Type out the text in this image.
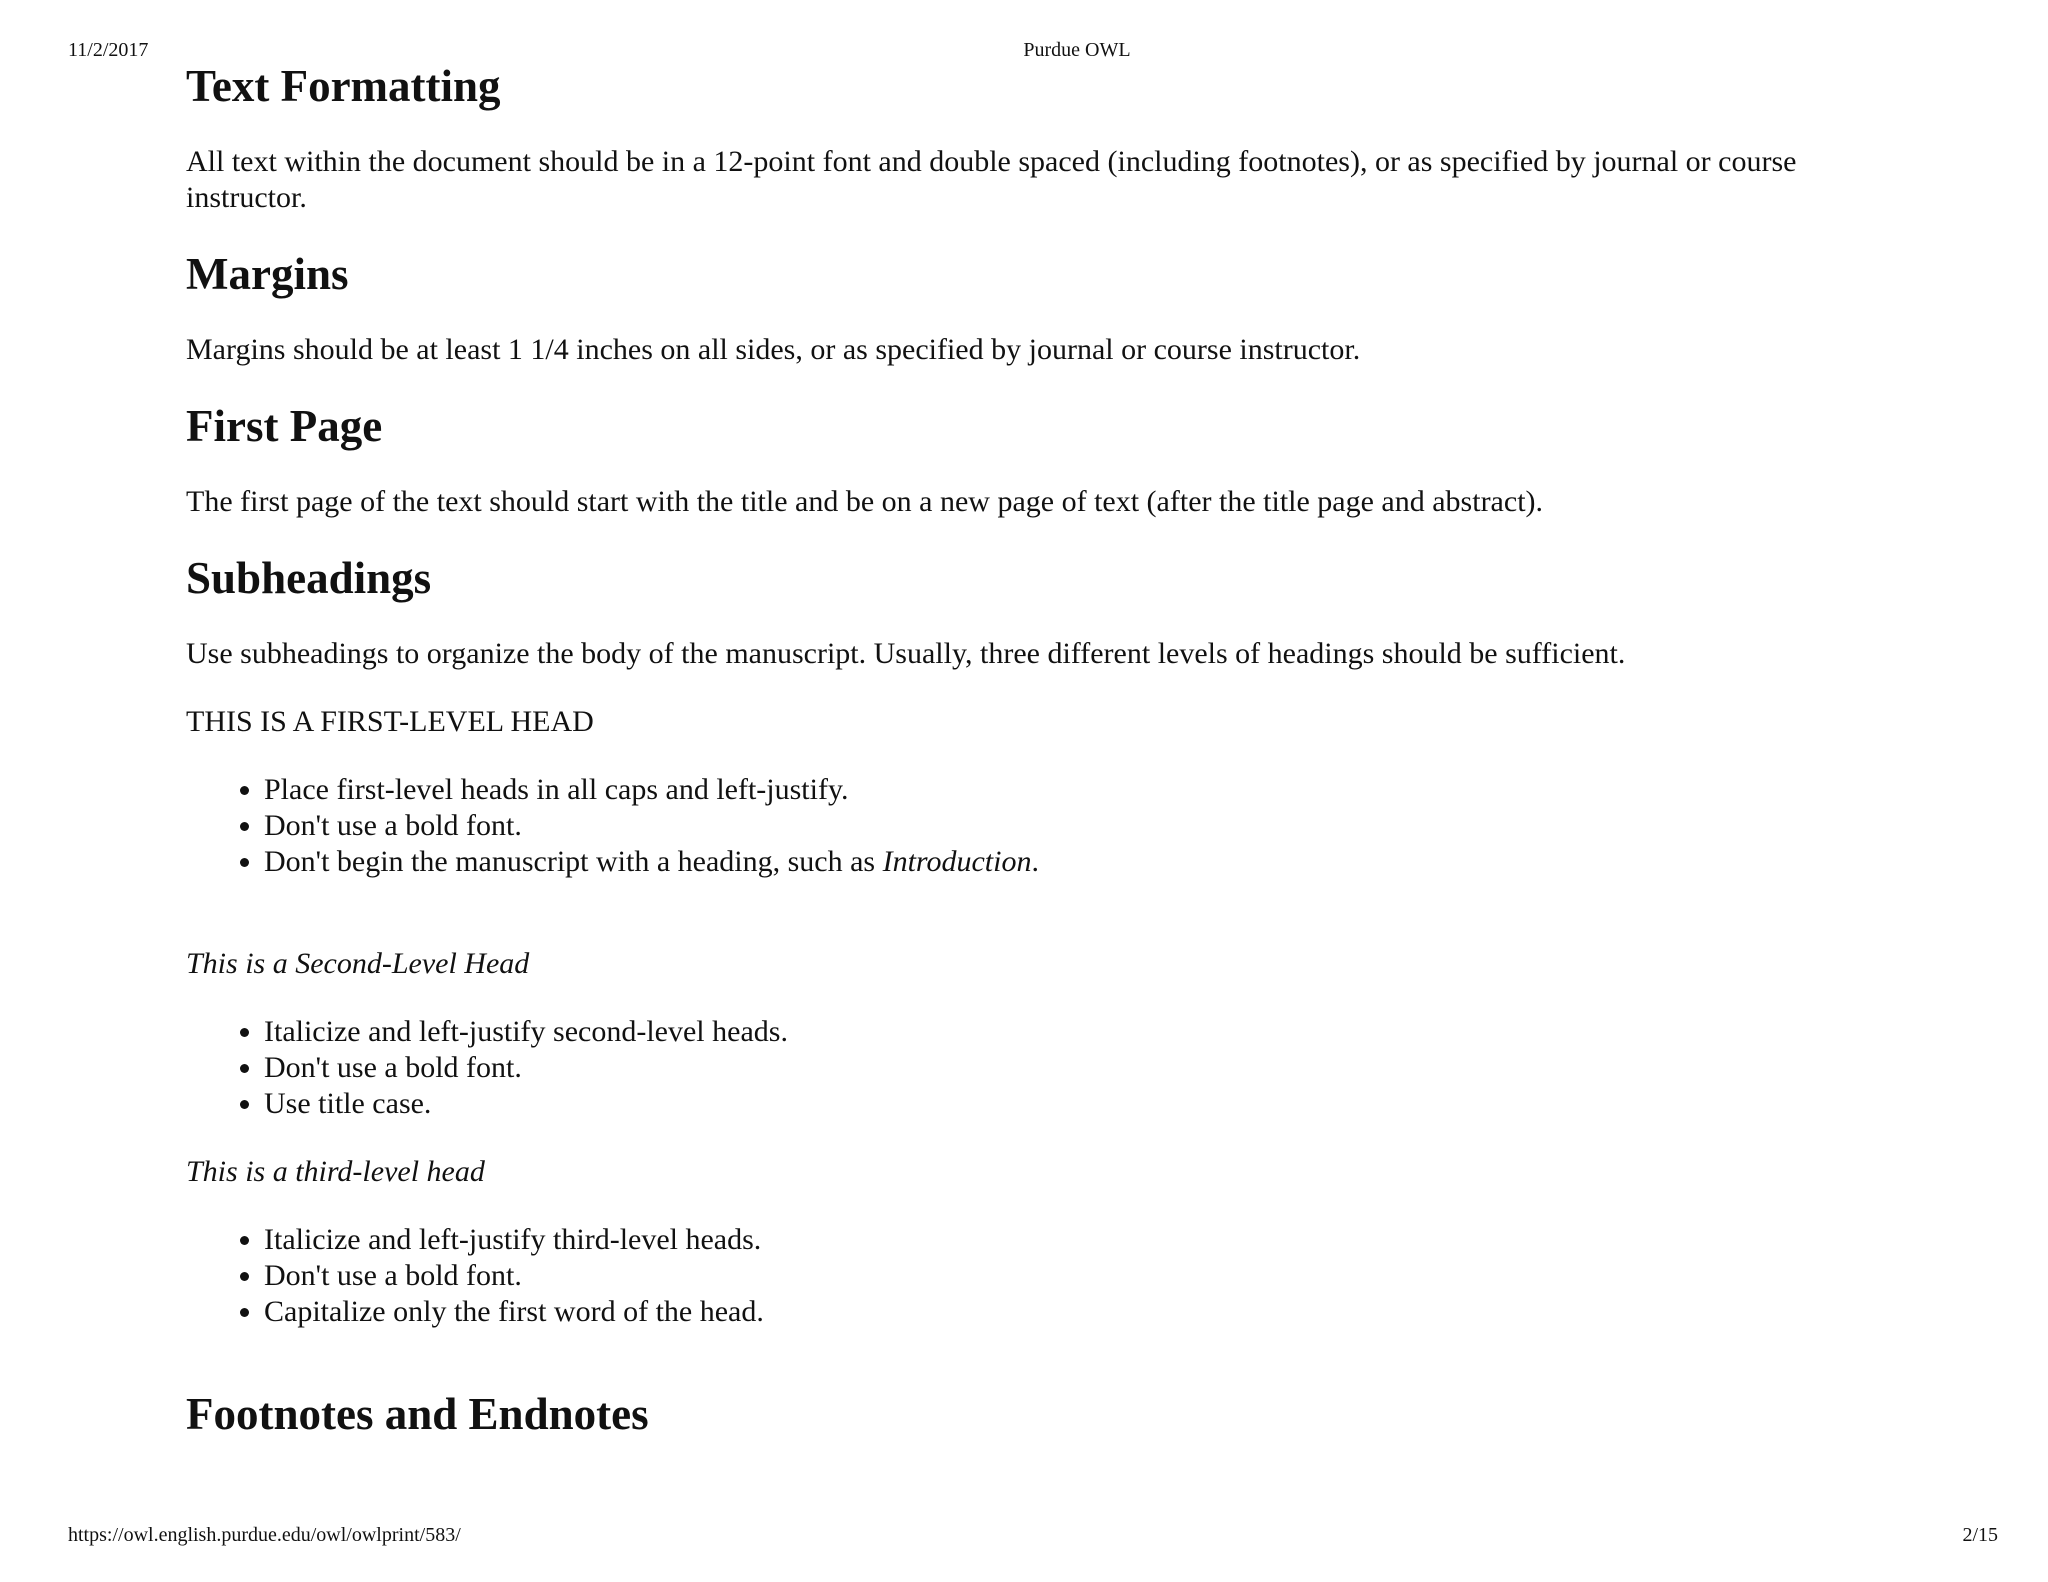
11/2/2017	Purdue OWL
Text Formatting

All text within the document should be in a 12-point font and double spaced (including footnotes), or as specified by journal or course instructor.

Margins

Margins should be at least 1 1/4 inches on all sides, or as specified by journal or course instructor.

First Page

The first page of the text should start with the title and be on a new page of text (after the title page and abstract).

Subheadings

Use subheadings to organize the body of the manuscript. Usually, three different levels of headings should be sufficient.

THIS IS A FIRST-LEVEL HEAD

• Place first-level heads in all caps and left-justify.
• Don't use a bold font.
• Don't begin the manuscript with a heading, such as Introduction.

This is a Second-Level Head

• Italicize and left-justify second-level heads.
• Don't use a bold font.
• Use title case.

This is a third-level head

• Italicize and left-justify third-level heads.
• Don't use a bold font.
• Capitalize only the first word of the head.
Footnotes and Endnotes
https://owl.english.purdue.edu/owl/owlprint/583/	2/15
